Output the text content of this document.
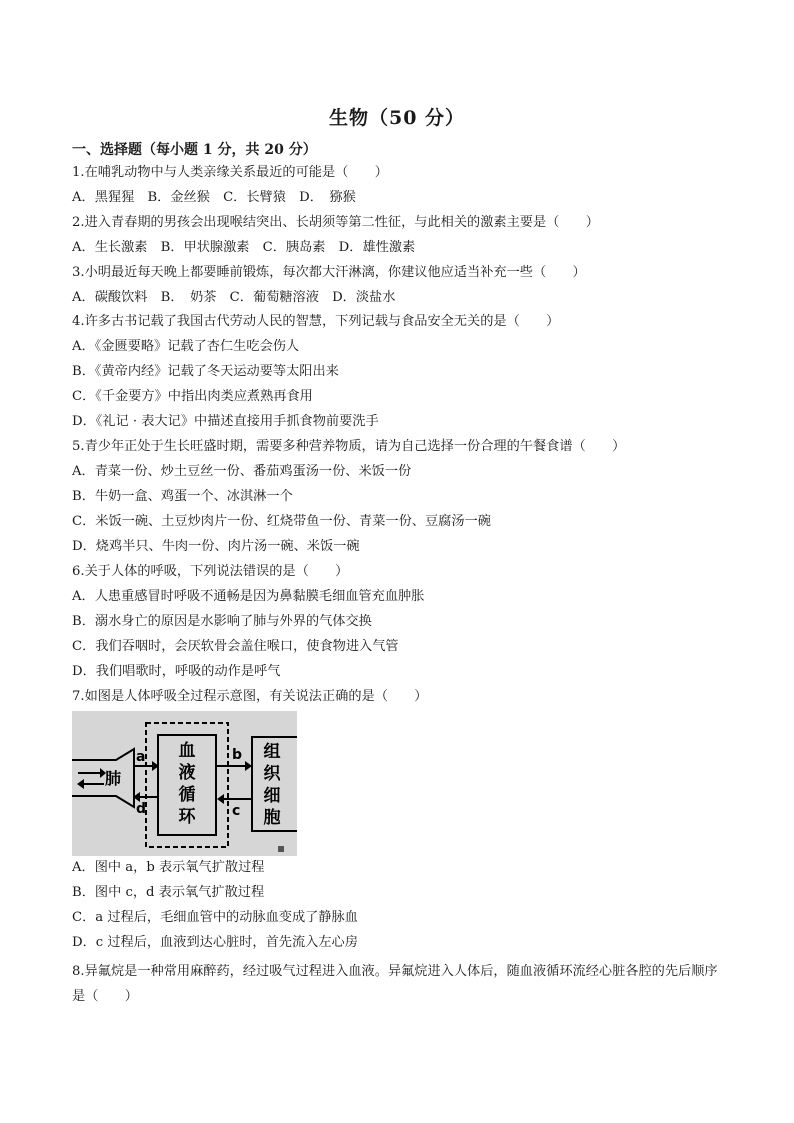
生物（50 分）
一、选择题（每小题 1 分，共 20 分）
1.在哺乳动物中与人类亲缘关系最近的可能是（　　）
A．黑猩猩　B．金丝猴　C．长臂猿　D．　猕猴
2.进入青春期的男孩会出现喉结突出、长胡须等第二性征，与此相关的激素主要是（　　）
A．生长激素　B．甲状腺激素　C．胰岛素　D．雄性激素
3.小明最近每天晚上都要睡前锻炼，每次都大汗淋漓，你建议他应适当补充一些（　　）
A．碳酸饮料　B．　奶茶　C．葡萄糖溶液　D．淡盐水
4.许多古书记载了我国古代劳动人民的智慧，下列记载与食品安全无关的是（　　）
A．《金匮要略》记载了杏仁生吃会伤人
B．《黄帝内经》记载了冬天运动要等太阳出来
C．《千金要方》中指出肉类应煮熟再食用
D．《礼记 · 表大记》中描述直接用手抓食物前要洗手
5.青少年正处于生长旺盛时期，需要多种营养物质，请为自己选择一份合理的午餐食谱（　　）
A．青菜一份、炒土豆丝一份、番茄鸡蛋汤一份、米饭一份
B．牛奶一盒、鸡蛋一个、冰淇淋一个
C．米饭一碗、土豆炒肉片一份、红烧带鱼一份、青菜一份、豆腐汤一碗
D．烧鸡半只、牛肉一份、肉片汤一碗、米饭一碗
6.关于人体的呼吸，下列说法错误的是（　　）
A．人患重感冒时呼吸不通畅是因为鼻黏膜毛细血管充血肿胀
B．溺水身亡的原因是水影响了肺与外界的气体交换
C．我们吞咽时，会厌软骨会盖住喉口，使食物进入气管
D．我们唱歌时，呼吸的动作是呼气
7.如图是人体呼吸全过程示意图，有关说法正确的是（　　）
肺
血
液
循
环
a
d
b
c
组
织
细
胞
A．图中 a，b 表示氧气扩散过程
B．图中 c，d 表示氧气扩散过程
C．a 过程后，毛细血管中的动脉血变成了静脉血
D．c 过程后，血液到达心脏时，首先流入左心房
8.异氟烷是一种常用麻醉药，经过吸气过程进入血液。异氟烷进入人体后，随血液循环流经心脏各腔的先后顺序是（　　）
